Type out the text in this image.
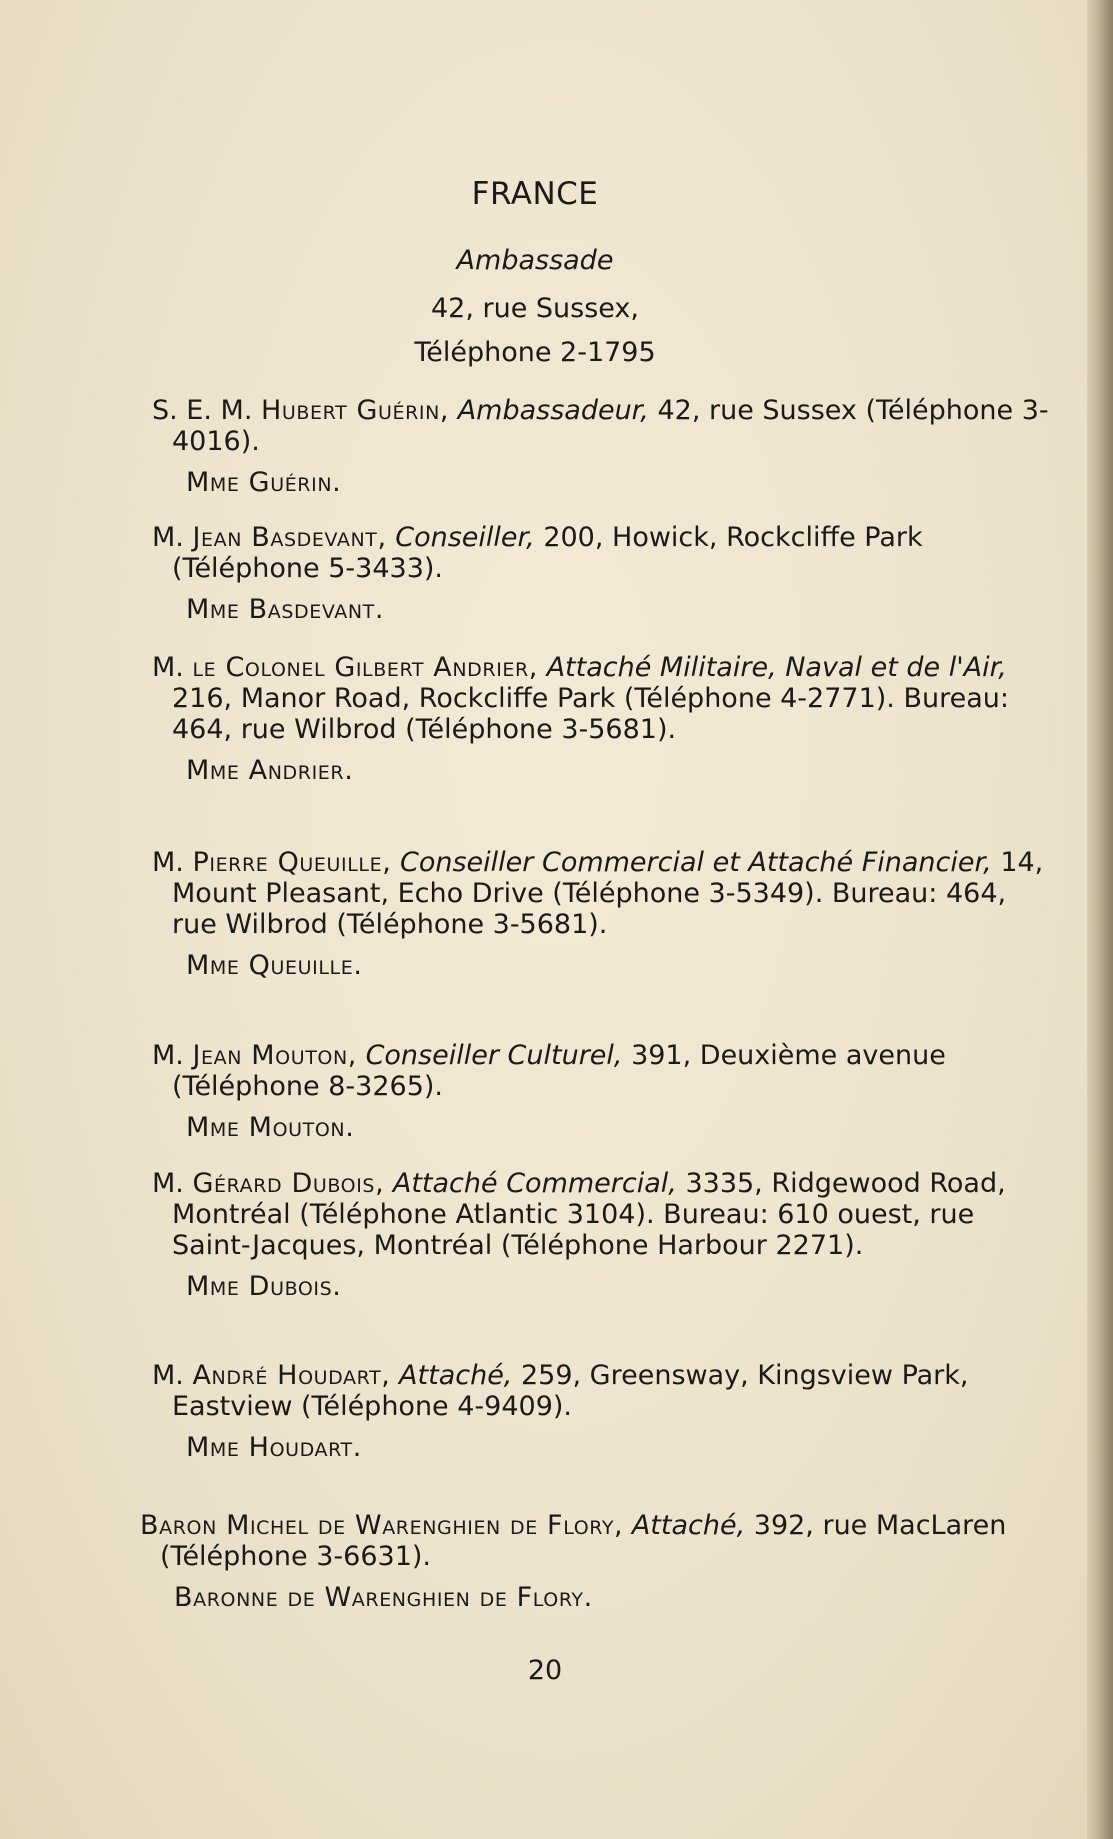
FRANCE
Ambassade
42, rue Sussex,
Téléphone 2-1795
S. E. M. Hubert Guérin, Ambassadeur, 42, rue Sussex (Téléphone 3-4016).
Mme Guérin.
M. Jean Basdevant, Conseiller, 200, Howick, Rockcliffe Park (Téléphone 5-3433).
Mme Basdevant.
M. le Colonel Gilbert Andrier, Attaché Militaire, Naval et de l'Air, 216, Manor Road, Rockcliffe Park (Téléphone 4-2771). Bureau: 464, rue Wilbrod (Téléphone 3-5681).
Mme Andrier.
M. Pierre Queuille, Conseiller Commercial et Attaché Financier, 14, Mount Pleasant, Echo Drive (Téléphone 3-5349). Bureau: 464, rue Wilbrod (Téléphone 3-5681).
Mme Queuille.
M. Jean Mouton, Conseiller Culturel, 391, Deuxième avenue (Téléphone 8-3265).
Mme Mouton.
M. Gérard Dubois, Attaché Commercial, 3335, Ridgewood Road, Montréal (Téléphone Atlantic 3104). Bureau: 610 ouest, rue Saint-Jacques, Montréal (Téléphone Harbour 2271).
Mme Dubois.
M. André Houdart, Attaché, 259, Greensway, Kingsview Park, Eastview (Téléphone 4-9409).
Mme Houdart.
Baron Michel de Warenghien de Flory, Attaché, 392, rue MacLaren (Téléphone 3-6631).
Baronne de Warenghien de Flory.
20
